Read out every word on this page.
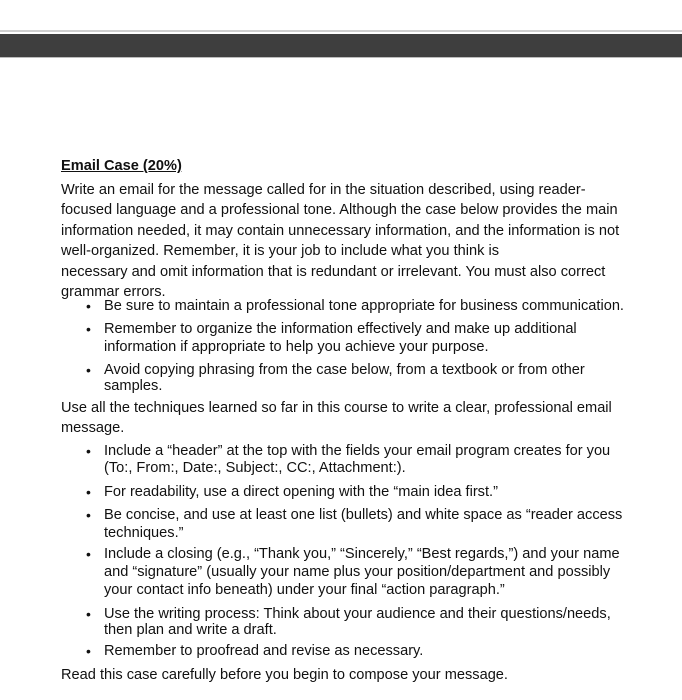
Email Case (20%)
Write an email for the message called for in the situation described, using reader-
focused language and a professional tone. Although the case below provides the main
information needed, it may contain unnecessary information, and the information is not
well-organized. Remember, it is your job to include what you think is
necessary and omit information that is redundant or irrelevant. You must also correct
grammar errors.
• Be sure to maintain a professional tone appropriate for business communication.
• Remember to organize the information effectively and make up additional
information if appropriate to help you achieve your purpose.
• Avoid copying phrasing from the case below, from a textbook or from other
samples.
Use all the techniques learned so far in this course to write a clear, professional email
message.
• Include a “header” at the top with the fields your email program creates for you
(To:, From:, Date:, Subject:, CC:, Attachment:).
• For readability, use a direct opening with the “main idea first.”
• Be concise, and use at least one list (bullets) and white space as “reader access
techniques.”
• Include a closing (e.g., “Thank you,” “Sincerely,” “Best regards,”) and your name
and “signature” (usually your name plus your position/department and possibly
your contact info beneath) under your final “action paragraph.”
• Use the writing process: Think about your audience and their questions/needs,
then plan and write a draft.
• Remember to proofread and revise as necessary.
Read this case carefully before you begin to compose your message.
